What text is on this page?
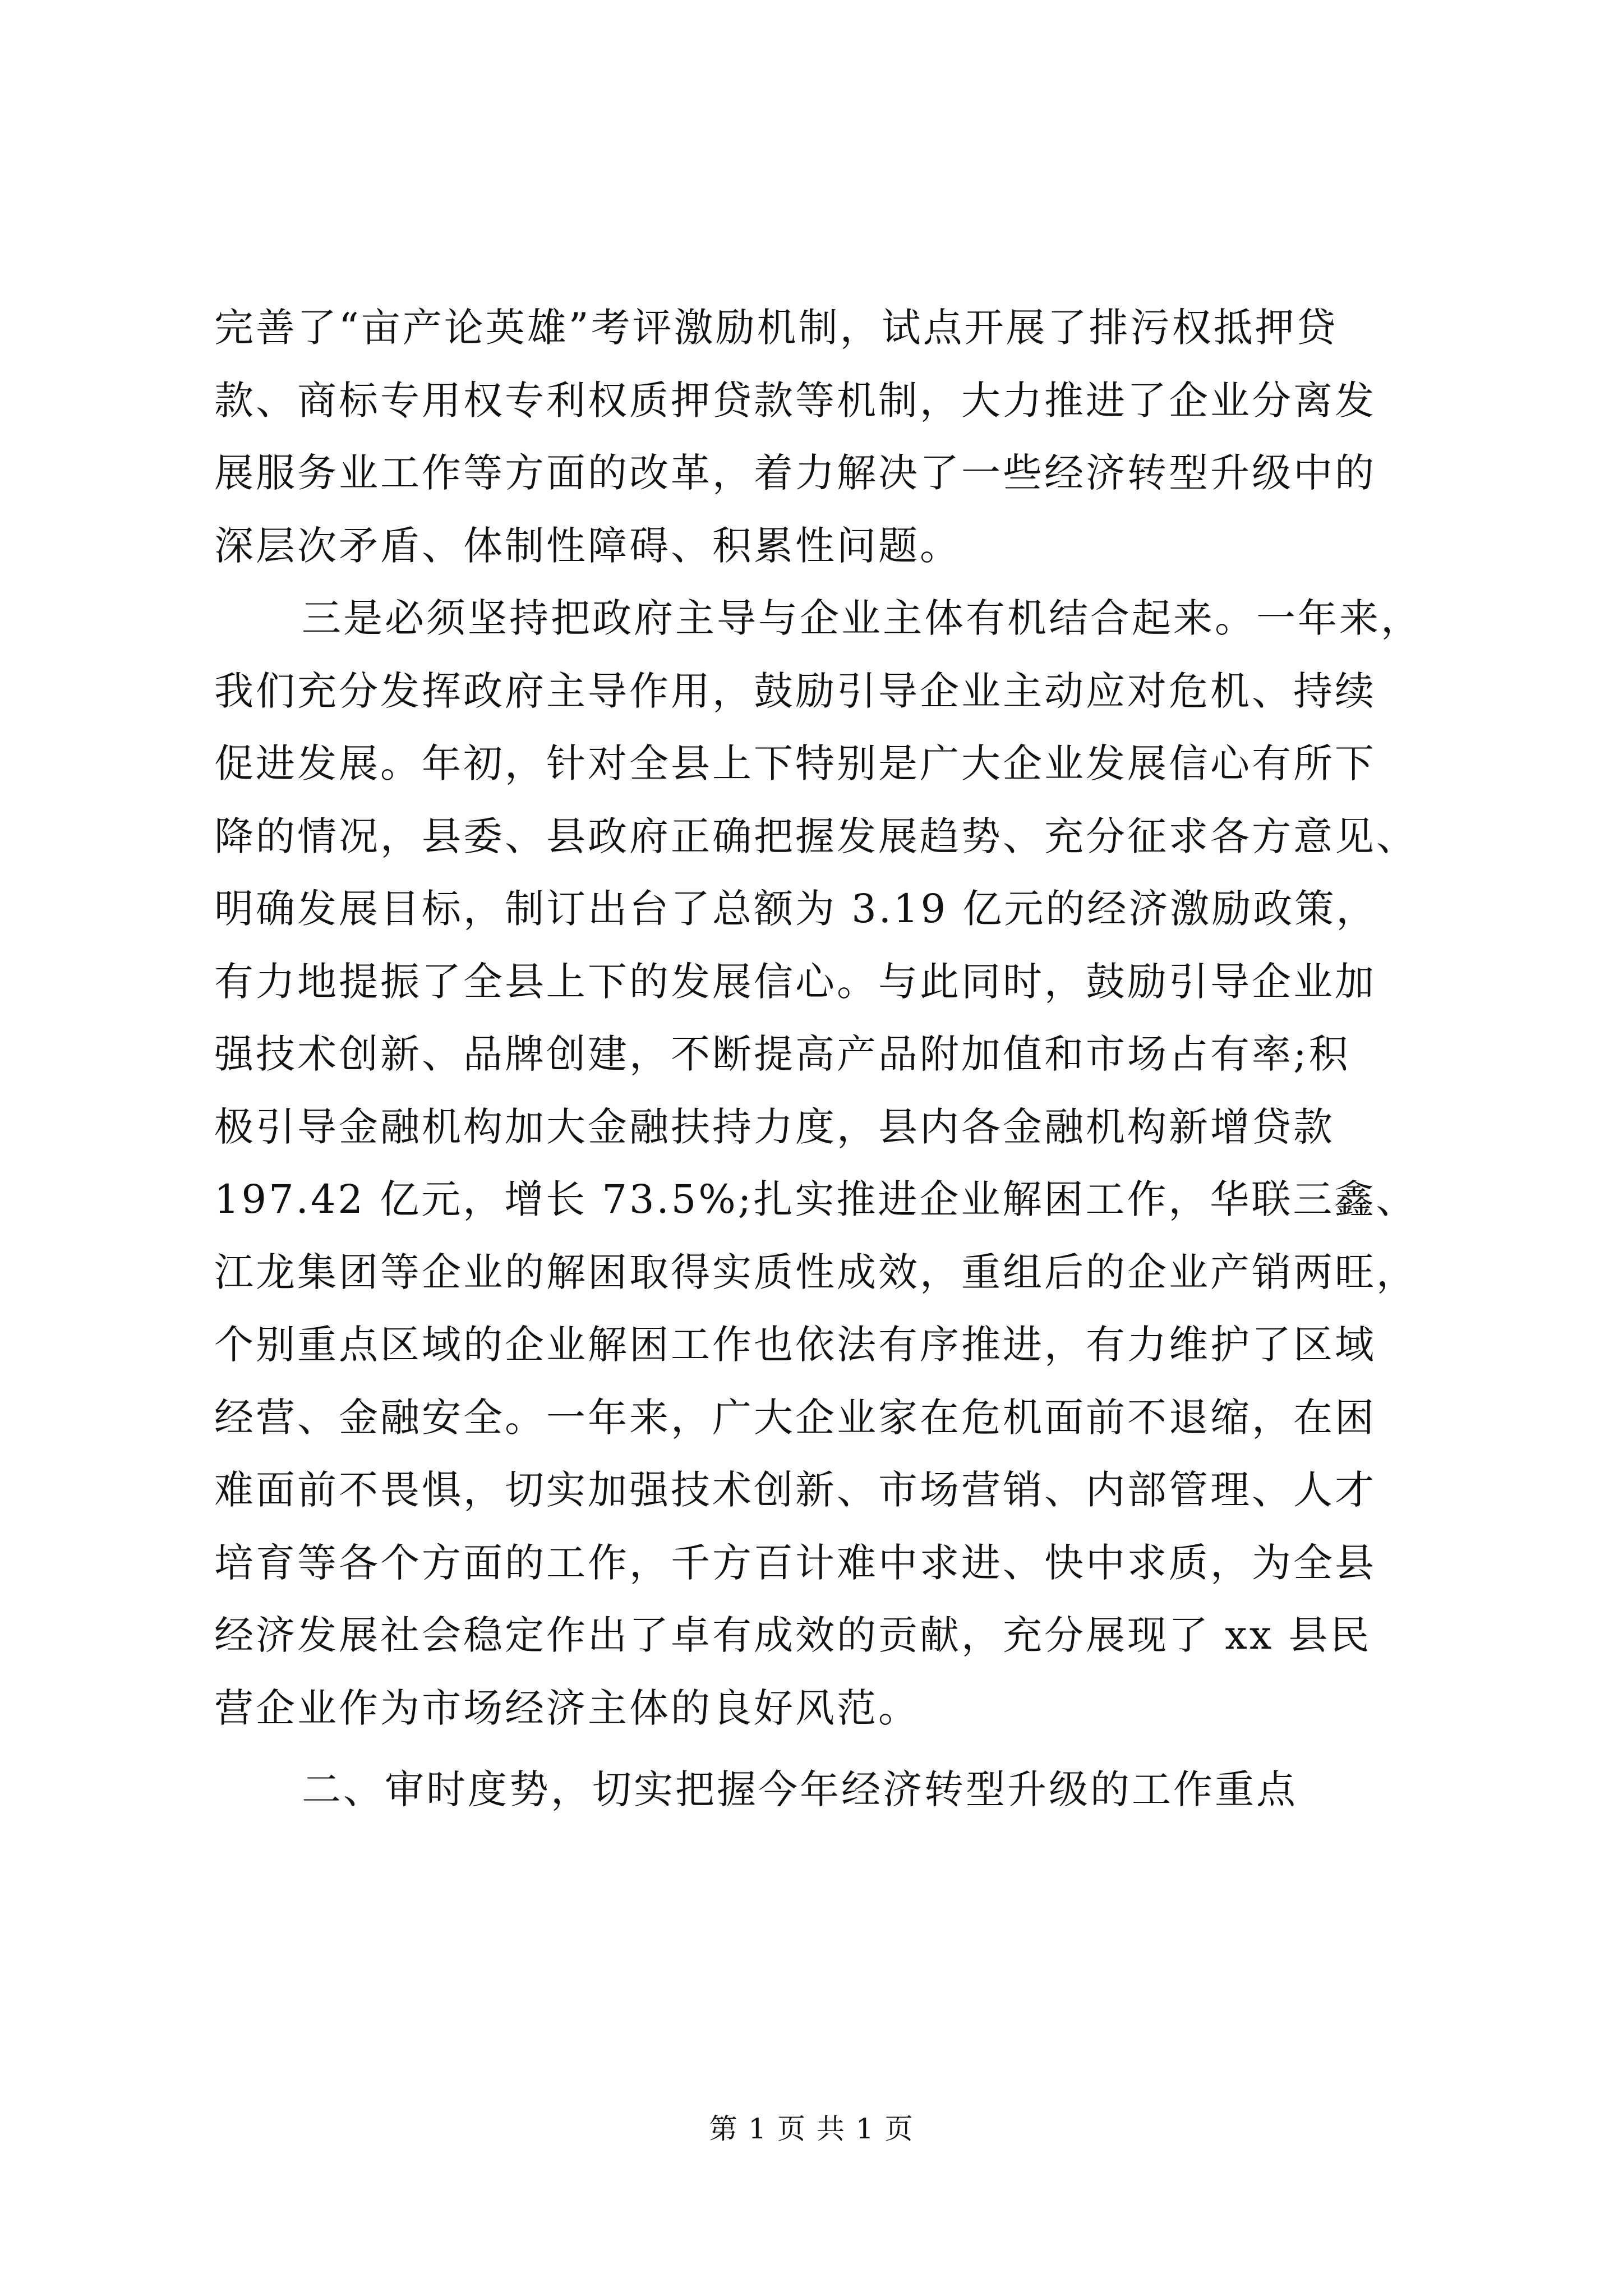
完善了“亩产论英雄”考评激励机制，试点开展了排污权抵押贷
款、商标专用权专利权质押贷款等机制，大力推进了企业分离发
展服务业工作等方面的改革，着力解决了一些经济转型升级中的
深层次矛盾、体制性障碍、积累性问题。
三是必须坚持把政府主导与企业主体有机结合起来。一年来，
我们充分发挥政府主导作用，鼓励引导企业主动应对危机、持续
促进发展。年初，针对全县上下特别是广大企业发展信心有所下
降的情况，县委、县政府正确把握发展趋势、充分征求各方意见、
明确发展目标，制订出台了总额为 3.19 亿元的经济激励政策，
有力地提振了全县上下的发展信心。与此同时，鼓励引导企业加
强技术创新、品牌创建，不断提高产品附加值和市场占有率;积
极引导金融机构加大金融扶持力度，县内各金融机构新增贷款
197.42 亿元，增长 73.5%;扎实推进企业解困工作，华联三鑫、
江龙集团等企业的解困取得实质性成效，重组后的企业产销两旺，
个别重点区域的企业解困工作也依法有序推进，有力维护了区域
经营、金融安全。一年来，广大企业家在危机面前不退缩，在困
难面前不畏惧，切实加强技术创新、市场营销、内部管理、人才
培育等各个方面的工作，千方百计难中求进、快中求质，为全县
经济发展社会稳定作出了卓有成效的贡献，充分展现了 xx 县民
营企业作为市场经济主体的良好风范。
二、审时度势，切实把握今年经济转型升级的工作重点
第 1 页 共 1 页
